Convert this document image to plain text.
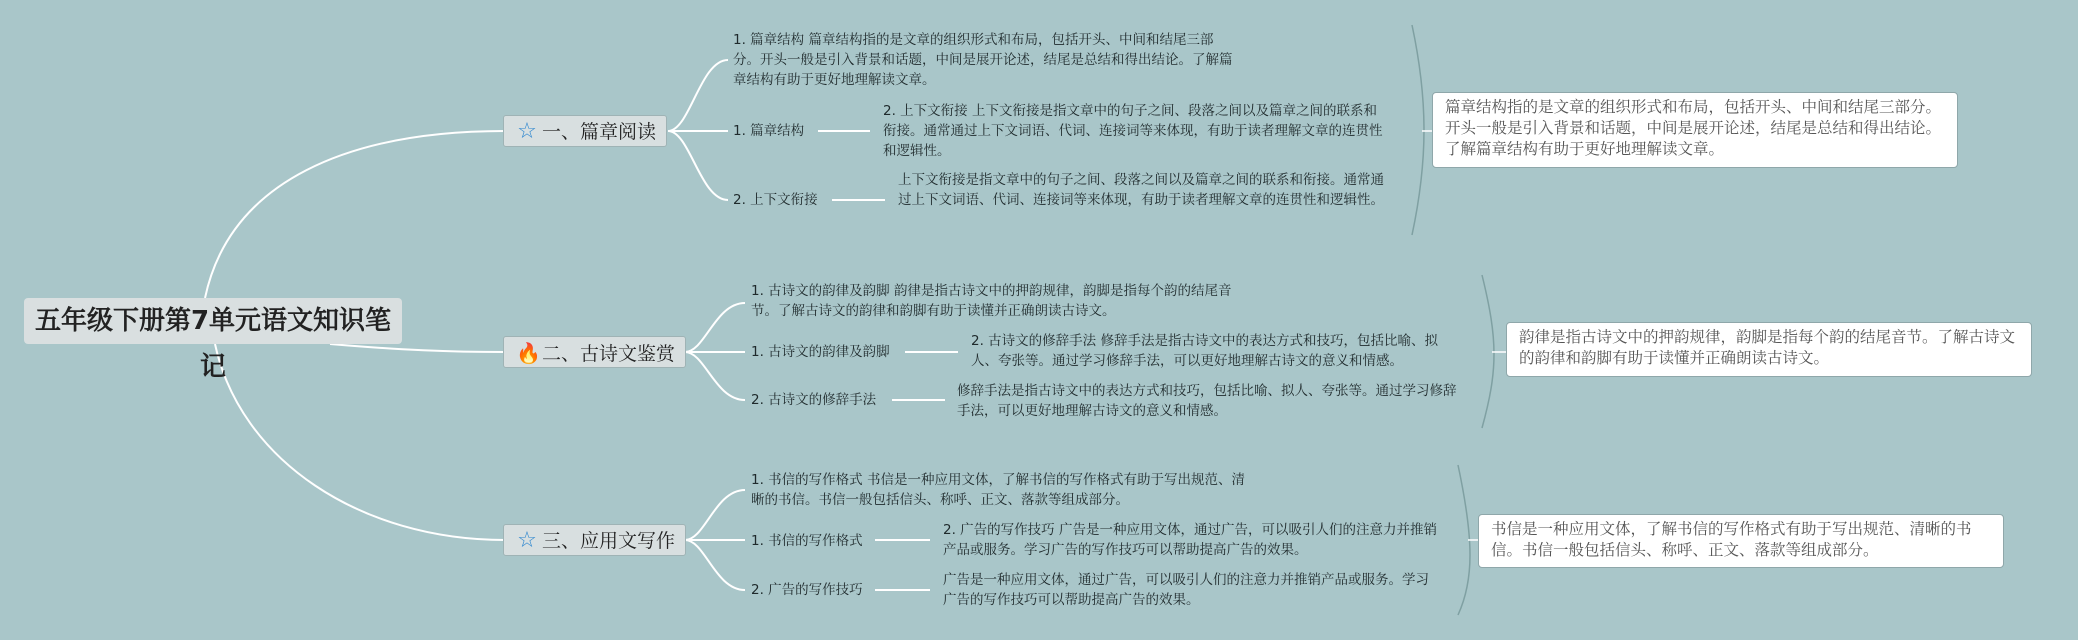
五年级下册第7单元语文知识笔记
☆ 一、篇章阅读
1. 篇章结构 篇章结构指的是文章的组织形式和布局，包括开头、中间和结尾三部分。开头一般是引入背景和话题，中间是展开论述，结尾是总结和得出结论。了解篇章结构有助于更好地理解读文章。
1. 篇章结构
2. 上下文衔接
2. 上下文衔接 上下文衔接是指文章中的句子之间、段落之间以及篇章之间的联系和衔接。通常通过上下文词语、代词、连接词等来体现，有助于读者理解文章的连贯性和逻辑性。
上下文衔接是指文章中的句子之间、段落之间以及篇章之间的联系和衔接。通常通过上下文词语、代词、连接词等来体现，有助于读者理解文章的连贯性和逻辑性。
篇章结构指的是文章的组织形式和布局，包括开头、中间和结尾三部分。开头一般是引入背景和话题，中间是展开论述，结尾是总结和得出结论。了解篇章结构有助于更好地理解读文章。
🔥二、古诗文鉴赏
1. 古诗文的韵律及韵脚 韵律是指古诗文中的押韵规律，韵脚是指每个韵的结尾音节。了解古诗文的韵律和韵脚有助于读懂并正确朗读古诗文。
1. 古诗文的韵律及韵脚
2. 古诗文的修辞手法
2. 古诗文的修辞手法 修辞手法是指古诗文中的表达方式和技巧，包括比喻、拟人、夸张等。通过学习修辞手法，可以更好地理解古诗文的意义和情感。
修辞手法是指古诗文中的表达方式和技巧，包括比喻、拟人、夸张等。通过学习修辞手法，可以更好地理解古诗文的意义和情感。
韵律是指古诗文中的押韵规律，韵脚是指每个韵的结尾音节。了解古诗文的韵律和韵脚有助于读懂并正确朗读古诗文。
☆ 三、应用文写作
1. 书信的写作格式 书信是一种应用文体，了解书信的写作格式有助于写出规范、清晰的书信。书信一般包括信头、称呼、正文、落款等组成部分。
1. 书信的写作格式
2. 广告的写作技巧
2. 广告的写作技巧 广告是一种应用文体，通过广告，可以吸引人们的注意力并推销产品或服务。学习广告的写作技巧可以帮助提高广告的效果。
广告是一种应用文体，通过广告，可以吸引人们的注意力并推销产品或服务。学习广告的写作技巧可以帮助提高广告的效果。
书信是一种应用文体，了解书信的写作格式有助于写出规范、清晰的书信。书信一般包括信头、称呼、正文、落款等组成部分。
